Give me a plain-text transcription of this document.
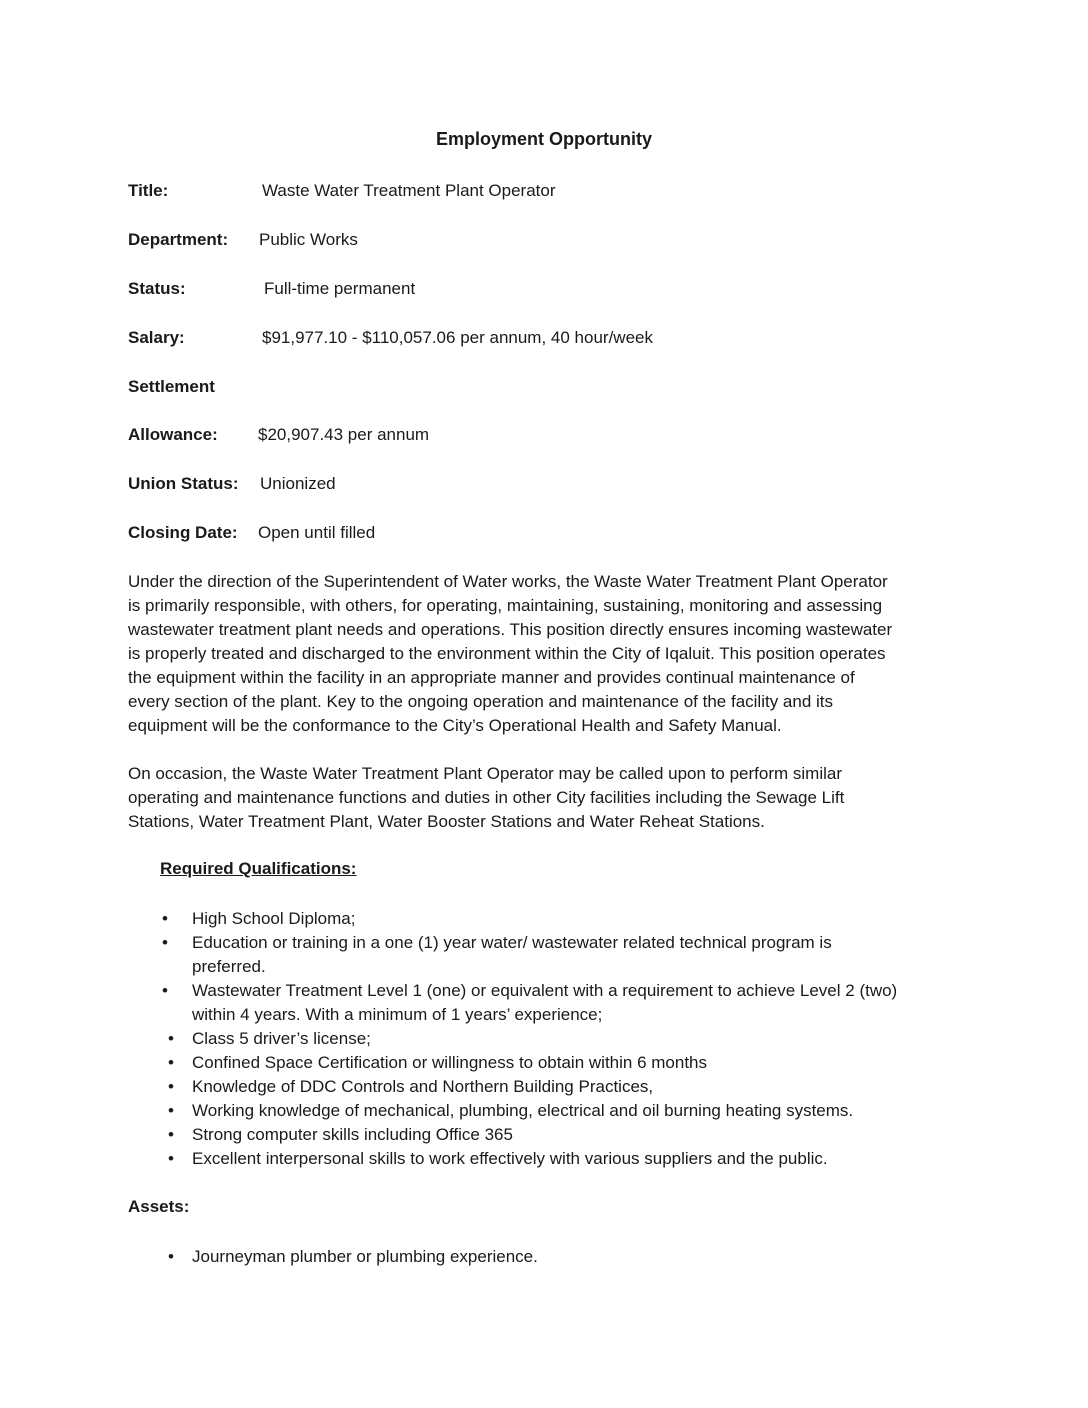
Employment Opportunity
Title:	Waste Water Treatment Plant Operator
Department: Public Works
Status:	Full-time permanent
Salary:	$91,977.10 - $110,057.06 per annum, 40 hour/week
Settlement
Allowance: $20,907.43 per annum
Union Status: Unionized
Closing Date: Open until filled
Under the direction of the Superintendent of Water works, the Waste Water Treatment Plant Operator
is primarily responsible, with others, for operating, maintaining, sustaining, monitoring and assessing
wastewater treatment plant needs and operations. This position directly ensures incoming wastewater
is properly treated and discharged to the environment within the City of Iqaluit. This position operates
the equipment within the facility in an appropriate manner and provides continual maintenance of
every section of the plant. Key to the ongoing operation and maintenance of the facility and its
equipment will be the conformance to the City’s Operational Health and Safety Manual.
On occasion, the Waste Water Treatment Plant Operator may be called upon to perform similar
operating and maintenance functions and duties in other City facilities including the Sewage Lift
Stations, Water Treatment Plant, Water Booster Stations and Water Reheat Stations.
Required Qualifications:
• High School Diploma;
• Education or training in a one (1) year water/ wastewater related technical program is
preferred.
• Wastewater Treatment Level 1 (one) or equivalent with a requirement to achieve Level 2 (two)
within 4 years. With a minimum of 1 years’ experience;
• Class 5 driver’s license;
• Confined Space Certification or willingness to obtain within 6 months
• Knowledge of DDC Controls and Northern Building Practices,
• Working knowledge of mechanical, plumbing, electrical and oil burning heating systems.
• Strong computer skills including Office 365
• Excellent interpersonal skills to work effectively with various suppliers and the public.
Assets:
• Journeyman plumber or plumbing experience.
